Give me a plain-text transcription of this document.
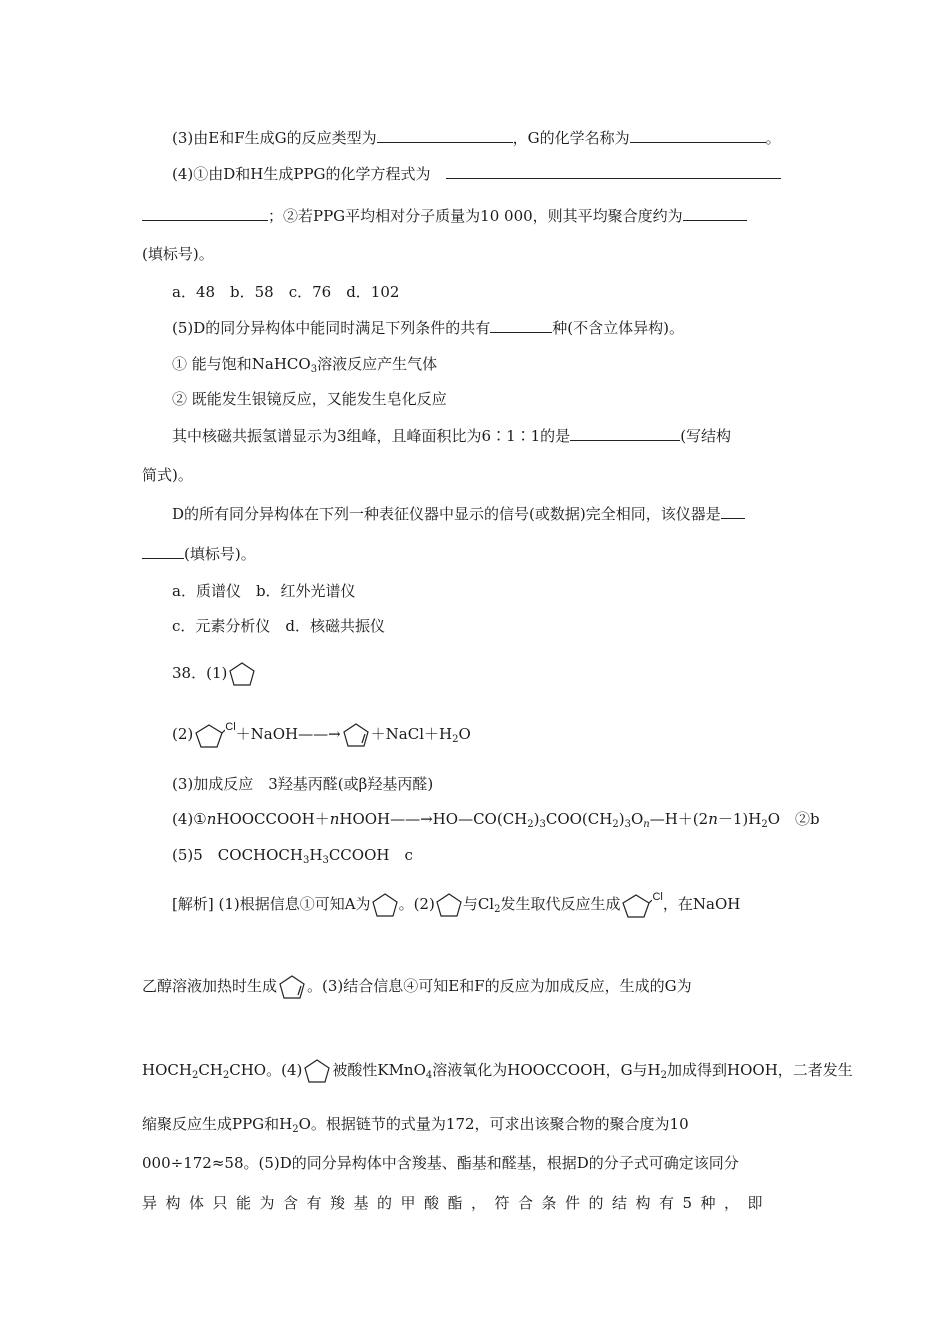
(3)由E和F生成G的反应类型为	，G的化学名称为	。
(4)①由D和H生成PPG的化学方程式为　
；②若PPG平均相对分子质量为10 000，则其平均聚合度约为
(填标号)。
a．48　b．58　c．76　d．102
(5)D的同分异构体中能同时满足下列条件的共有	种(不含立体异构)。
① 能与饱和NaHCO$_3$溶液反应产生气体
② 既能发生银镜反应，又能发生皂化反应
其中核磁共振氢谱显示为3组峰，且峰面积比为6∶1∶1的是	(写结构
简式)。
D的所有同分异构体在下列一种表征仪器中显示的信号(或数据)完全相同，该仪器是
(填标号)。
a．质谱仪　b．红外光谱仪
c．元素分析仪　d．核磁共振仪
38．(1)
(2)	$^{Cl}$＋NaOH——→ $+NaCl+H_2O$
(3)加成反应　3羟基丙醛(或β羟基丙醛)
$(4)①nHOOCCOOH+nHOOH——\to HO—CO(CH_2)_3COO(CH_2)_3O_n—H+(2n-1)H_2O$　②b
(5)5　$COCHOCH_3H_3CCOOH$　c
[解析] (1)根据信息①可知A为 。(2) 与$Cl_2$发生取代反应生成	$^{Cl}$，在NaOH
乙醇溶液加热时生成 。(3)结合信息④可知E和F的反应为加成反应，生成的G为
$HOCH_2CH_2CHO$。(4) 被酸性KMnO$_4$溶液氧化为HOOCCOOH，G与$H_2$加成得到HOOH，二者发生
缩聚反应生成PPG和$H_2O$。根据链节的式量为172，可求出该聚合物的聚合度为10
000÷172≈58。(5)D的同分异构体中含羧基、酯基和醛基，根据D的分子式可确定该同分
异构体只能为含有羧基的甲酸酯，符合条件的结构有5种，即
